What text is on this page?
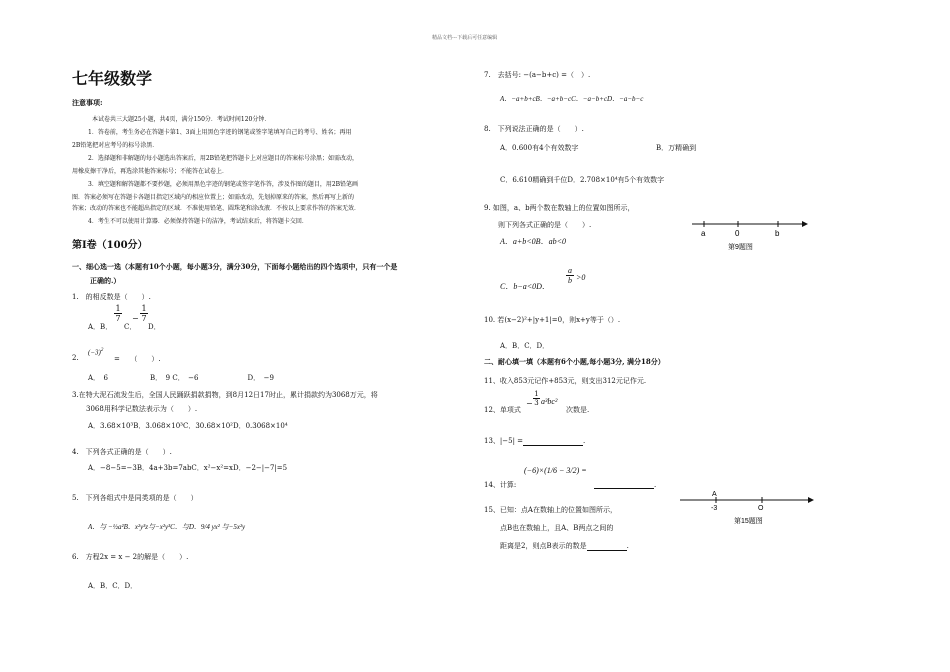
精品文档---下载后可任意编辑
七年级数学
注意事项:
本试卷共三大题25小题，共4页，满分150分．考试时间120分钟．
1．答卷前，考生务必在答题卡第1、3面上用黑色字迹的钢笔或签字笔填写自己的考号、姓名；再用
2B铅笔把对应考号的标号涂黑．
2．选择题和非解题的每小题选出答案后，用2B铅笔把答题卡上对应题目的答案标号涂黑；如需改动，
用橡皮擦干净后，再选涂其他答案标号；不能答在试卷上．
3．填空题和解答题都不要抄题，必须用黑色字迹的钢笔或签字笔作答，涉及作图的题目，用2B铅笔画
图．答案必须写在答题卡各题目指定区域内的相应位置上；如需改动，先划掉原来的答案，然后再写上新的
答案；改动的答案也不能超出指定的区域．不准使用铅笔、圆珠笔和涂改液．不按以上要求作答的答案无效．
4．考生不可以使用计算器．必须保持答题卡的洁净，考试结束后，将答题卡交回．
第Ⅰ卷（100分）
一、细心选一选（本题有10个小题，每小题3分，满分30分，下面每小题给出的四个选项中，只有一个是
正确的.）
1.　的相反数是（　　）.
A．B．
1
7
C．
−
1
7
D．
2.
$(-3)^2$
=　　（　　）.
A．　6　　　　　　B．　9 C．　−6　　　　　　　D．　−9
3.在特大泥石流发生后，全国人民踊跃捐款捐物，到8月12日17时止，累计捐款约为3068万元，将
3068用科学记数法表示为（　　）.
A．3.68×10³B．3.068×10³C．30.68×10²D．0.3068×10⁴
4.　下列各式正确的是（　　）.
A．−8−5=−3B．4a+3b=7abC．x²−x²=xD．−2−|−7|=5
5.　下列各组式中是同类项的是（　　）
A．与 −½a²B．x²y³z与−x²y³C．与D．9/4 yx² 与−5x²y
6.　方程2x = x − 2的解是（　　）.
A．B．C．D．
7.　去括号: −(a−b+c) =（　）.
A．−a+b+cB．−a+b−cC．−a−b+cD．−a−b−c
8.　下列说法正确的是（　　）.
A．0.600有4个有效数字	B．万精确到
C．6.610精确到千位D．2.708×10⁴有5个有效数字
9. 如图，a、b两个数在数轴上的位置如图所示，
则下列各式正确的是（　　）.
A．a+b<0B．ab<0
C．b−a<0D．
a
b >0
a	0	b
第9题图
10. 若(x−2)²+|y+1|=0，则x+y等于（）.
A．B．C．D．
二、耐心填一填（本题有6个小题,每小题3分, 满分18分）
11、收入853元记作+853元，则支出312元记作元.
12、单项式
−
1
3 a³bc²
次数是.
13、|−5| =	.
14、计算:
(−6)×(1/6 − 3/2) =
.
15、已知：点A在数轴上的位置如图所示，
点B也在数轴上，且A、B两点之间的
距离是2，则点B表示的数是	.
A
-3	O
第15题图
